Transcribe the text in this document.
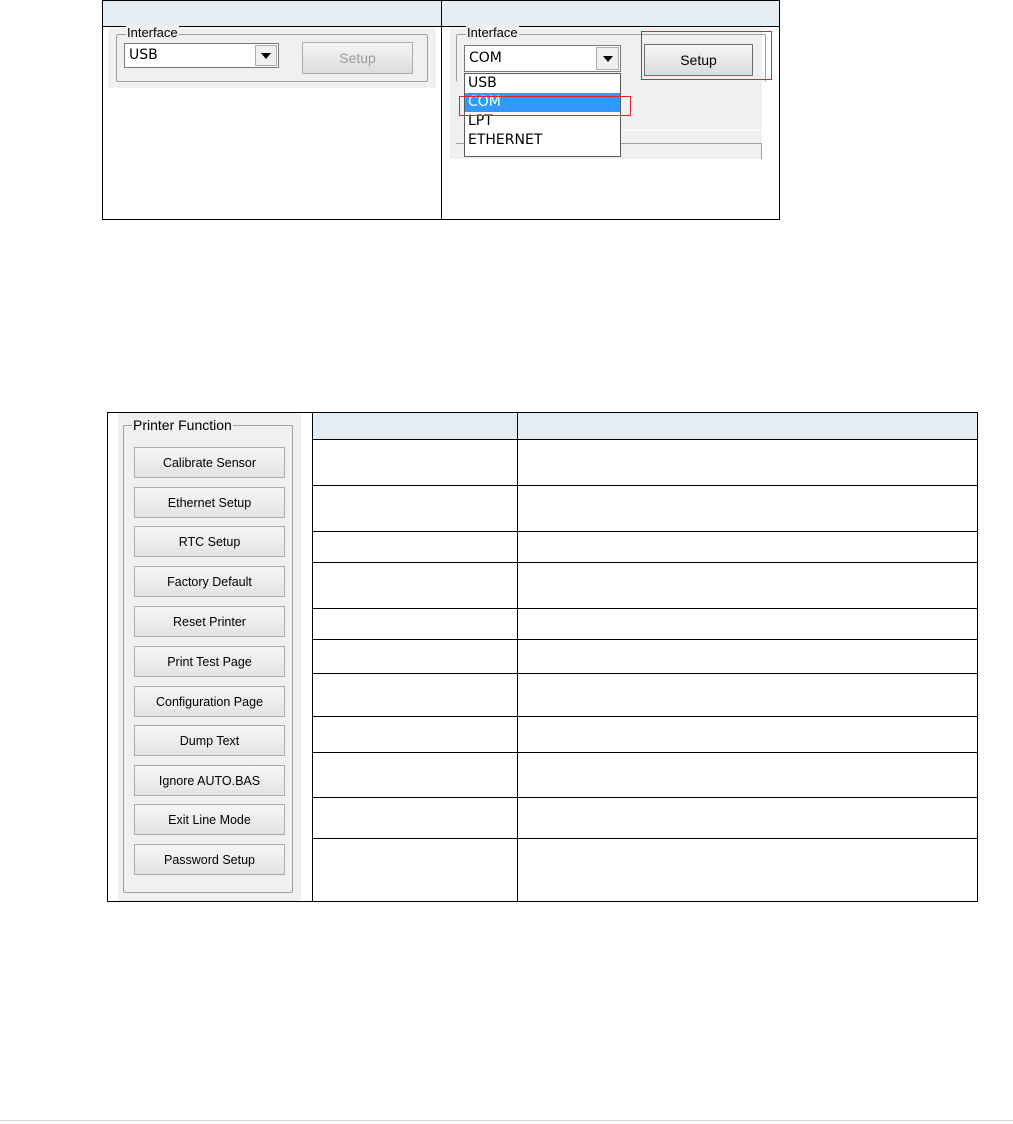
Interface
USB	Setup
Interface
COM	Setup
USB
COM
LPT
ETHERNET
Printer Function
Calibrate Sensor
Ethernet Setup
RTC Setup
Factory Default
Reset Printer
Print Test Page
Configuration Page
Dump Text
Ignore AUTO.BAS
Exit Line Mode
Password Setup
